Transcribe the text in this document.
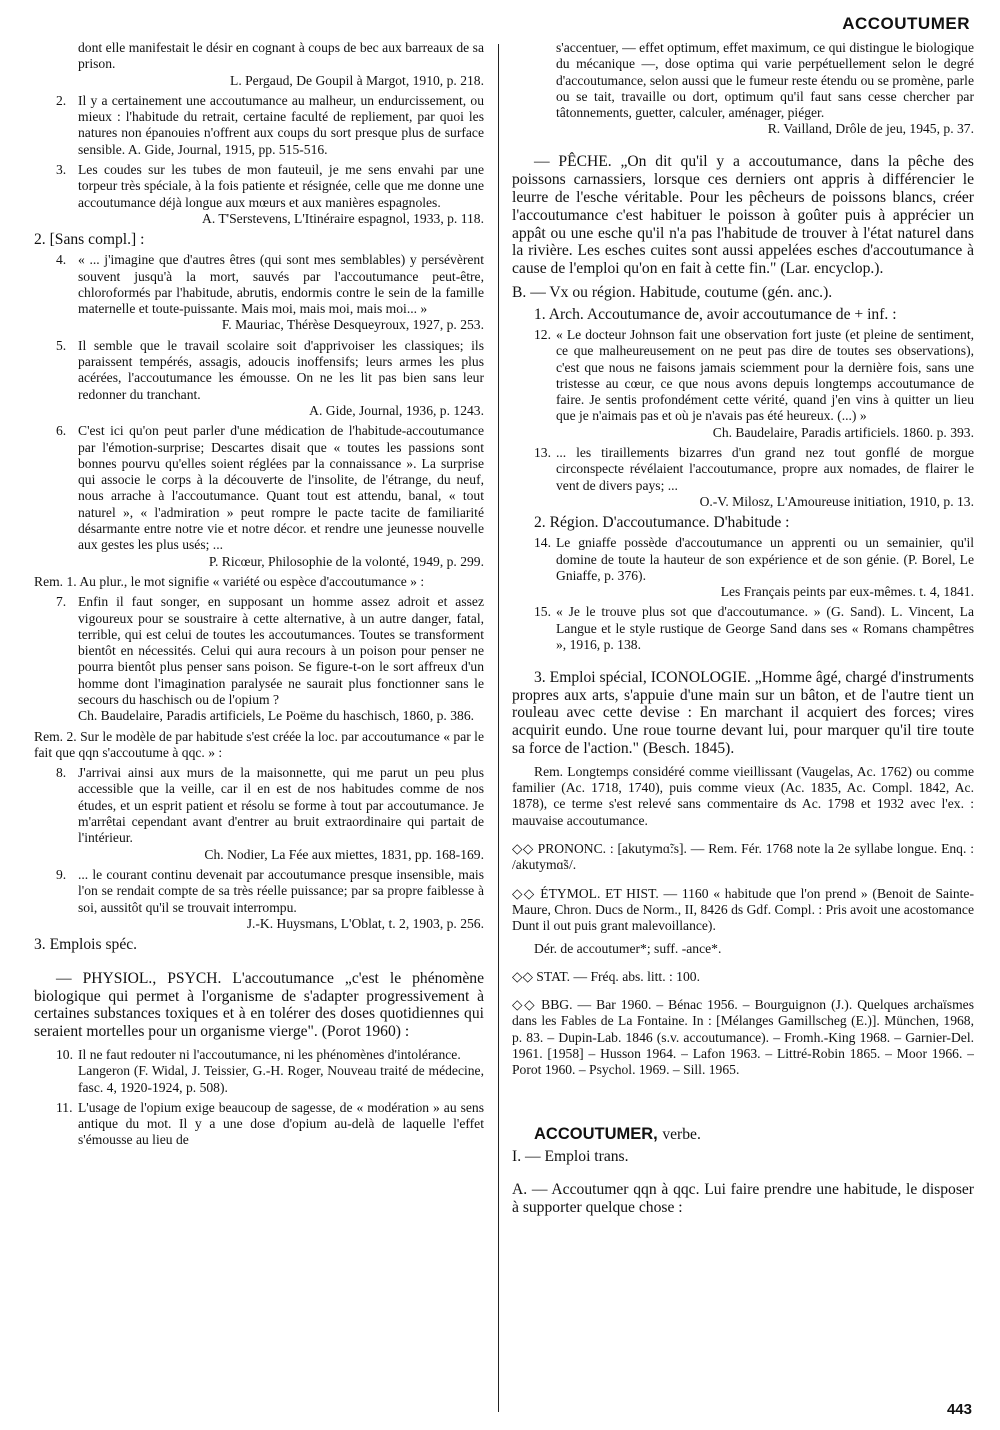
ACCOUTUMER

dont elle manifestait le désir en cognant à coups de bec aux barreaux de sa prison.

L. Pergaud, De Goupil à Margot, 1910, p. 218.

2. Il y a certainement une accoutumance au malheur, un endurcissement, ou mieux : l'habitude du retrait, certaine faculté de repliement, par quoi les natures non épanouies n'offrent aux coups du sort presque plus de surface sensible. A. Gide, Journal, 1915, pp. 515-516.

3. Les coudes sur les tubes de mon fauteuil, je me sens envahi par une torpeur très spéciale, à la fois patiente et résignée, celle que me donne une accoutumance déjà longue aux mœurs et aux manières espagnoles.

A. T'Serstevens, L'Itinéraire espagnol, 1933, p. 118.

2. [Sans compl.] :
4. « ... j'imagine que d'autres êtres (qui sont mes semblables) y persévèrent souvent jusqu'à la mort, sauvés par l'accoutumance peut-être, chloroformés par l'habitude, abrutis, endormis contre le sein de la famille maternelle et toute-puissante. Mais moi, mais moi, mais moi... »

F. Mauriac, Thérèse Desqueyroux, 1927, p. 253.

5. Il semble que le travail scolaire soit d'apprivoiser les classiques; ils paraissent tempérés, assagis, adoucis inoffensifs; leurs armes les plus acérées, l'accoutumance les émousse. On ne les lit pas bien sans leur redonner du tranchant.

A. Gide, Journal, 1936, p. 1243.

6. C'est ici qu'on peut parler d'une médication de l'habitude-accoutumance par l'émotion-surprise; Descartes disait que « toutes les passions sont bonnes pourvu qu'elles soient réglées par la connaissance ». La surprise qui associe le corps à la découverte de l'insolite, de l'étrange, du neuf, nous arrache à l'accoutumance. Quant tout est attendu, banal, « tout naturel », « l'admiration » peut rompre le pacte tacite de familiarité désarmante entre notre vie et notre décor. et rendre une jeunesse nouvelle aux gestes les plus usés; ...

P. Ricœur, Philosophie de la volonté, 1949, p. 299.

Rem. 1. Au plur., le mot signifie « variété ou espèce d'accoutumance » :

7. Enfin il faut songer, en supposant un homme assez adroit et assez vigoureux pour se soustraire à cette alternative, à un autre danger, fatal, terrible, qui est celui de toutes les accoutumances. Toutes se transforment bientôt en nécessités. Celui qui aura recours à un poison pour penser ne pourra bientôt plus penser sans poison. Se figure-t-on le sort affreux d'un homme dont l'imagination paralysée ne saurait plus fonctionner sans le secours du haschisch ou de l'opium ?

Ch. Baudelaire, Paradis artificiels, Le Poëme du haschisch, 1860, p. 386.

Rem. 2. Sur le modèle de par habitude s'est créée la loc. par accoutumance « par le fait que qqn s'accoutume à qqc. » :

8. J'arrivai ainsi aux murs de la maisonnette, qui me parut un peu plus accessible que la veille, car il en est de nos habitudes comme de nos études, et un esprit patient et résolu se forme à tout par accoutumance. Je m'arrêtai cependant avant d'entrer au bruit extraordinaire qui partait de l'intérieur.

Ch. Nodier, La Fée aux miettes, 1831, pp. 168-169.

9. ... le courant continu devenait par accoutumance presque insensible, mais l'on se rendait compte de sa très réelle puissance; par sa propre faiblesse à soi, aussitôt qu'il se trouvait interrompu.

J.-K. Huysmans, L'Oblat, t. 2, 1903, p. 256.

3. Emplois spéc.

— PHYSIOL., PSYCH. L'accoutumance „c'est le phénomène biologique qui permet à l'organisme de s'adapter progressivement à certaines substances toxiques et à en tolérer des doses quotidiennes qui seraient mortelles pour un organisme vierge". (Porot 1960) :

10. Il ne faut redouter ni l'accoutumance, ni les phénomènes d'intolérance.

Langeron (F. Widal, J. Teissier, G.-H. Roger, Nouveau traité de médecine, fasc. 4, 1920-1924, p. 508).

11. L'usage de l'opium exige beaucoup de sagesse, de « modération » au sens antique du mot. Il y a une dose d'opium au-delà de laquelle l'effet s'émousse au lieu de

s'accentuer, — effet optimum, effet maximum, ce qui distingue le biologique du mécanique —, dose optima qui varie perpétuellement selon le degré d'accoutumance, selon aussi que le fumeur reste étendu ou se promène, parle ou se tait, travaille ou dort, optimum qu'il faut sans cesse chercher par tâtonnements, guetter, calculer, aménager, piéger.

R. Vailland, Drôle de jeu, 1945, p. 37.

— PÊCHE. „On dit qu'il y a accoutumance, dans la pêche des poissons carnassiers, lorsque ces derniers ont appris à différencier le leurre de l'esche véritable. Pour les pêcheurs de poissons blancs, créer l'accoutumance c'est habituer le poisson à goûter puis à apprécier un appât ou une esche qu'il n'a pas l'habitude de trouver à l'état naturel dans la rivière. Les esches cuites sont aussi appelées esches d'accoutumance à cause de l'emploi qu'on en fait à cette fin." (Lar. encyclop.).

B. — Vx ou région. Habitude, coutume (gén. anc.).
1. Arch. Accoutumance de, avoir accoutumance de + inf. :
12. « Le docteur Johnson fait une observation fort juste (et pleine de sentiment, ce que malheureusement on ne peut pas dire de toutes ses observations), c'est que nous ne faisons jamais sciemment pour la dernière fois, sans une tristesse au cœur, ce que nous avons depuis longtemps accoutumance de faire. Je sentis profondément cette vérité, quand j'en vins à quitter un lieu que je n'aimais pas et où je n'avais pas été heureux. (...) »

Ch. Baudelaire, Paradis artificiels. 1860. p. 393.

13. ... les tiraillements bizarres d'un grand nez tout gonflé de morgue circonspecte révélaient l'accoutumance, propre aux nomades, de flairer le vent de divers pays; ...

O.-V. Milosz, L'Amoureuse initiation, 1910, p. 13.

2. Région. D'accoutumance. D'habitude :
14. Le gniaffe possède d'accoutumance un apprenti ou un semainier, qu'il domine de toute la hauteur de son expérience et de son génie. (P. Borel, Le Gniaffe, p. 376).

Les Français peints par eux-mêmes. t. 4, 1841.

15. « Je le trouve plus sot que d'accoutumance. » (G. Sand). L. Vincent, La Langue et le style rustique de George Sand dans ses « Romans champêtres », 1916, p. 138.

3. Emploi spécial, ICONOLOGIE. „Homme âgé, chargé d'instruments propres aux arts, s'appuie d'une main sur un bâton, et de l'autre tient un rouleau avec cette devise : En marchant il acquiert des forces; vires acquirit eundo. Une roue tourne devant lui, pour marquer qu'il tire toute sa force de l'action." (Besch. 1845).

Rem. Longtemps considéré comme vieillissant (Vaugelas, Ac. 1762) ou comme familier (Ac. 1718, 1740), puis comme vieux (Ac. 1835, Ac. Compl. 1842, Ac. 1878), ce terme s'est relevé sans commentaire ds Ac. 1798 et 1932 avec l'ex. : mauvaise accoutumance.

◇◇ PRONONC. : [akutymɑ̃:s]. — Rem. Fér. 1768 note la 2e syllabe longue. Enq. : /akutymɑ̃s/.

◇◇ ÉTYMOL. ET HIST. — 1160 « habitude que l'on prend » (Benoit de Sainte-Maure, Chron. Ducs de Norm., II, 8426 ds Gdf. Compl. : Pris avoit une acostomance Dunt il out puis grant malevoillance).

Dér. de accoutumer*; suff. -ance*.

◇◇ STAT. — Fréq. abs. litt. : 100.

◇◇ BBG. — Bar 1960. – Bénac 1956. – Bourguignon (J.). Quelques archaïsmes dans les Fables de La Fontaine. In : [Mélanges Gamillscheg (E.)]. München, 1968, p. 83. – Dupin-Lab. 1846 (s.v. accoutumance). – Fromh.-King 1968. – Garnier-Del. 1961. [1958] – Husson 1964. – Lafon 1963. – Littré-Robin 1865. – Moor 1966. – Porot 1960. – Psychol. 1969. – Sill. 1965.

ACCOUTUMER, verbe.
I. — Emploi trans.

A. — Accoutumer qqn à qqc. Lui faire prendre une habitude, le disposer à supporter quelque chose :

443
